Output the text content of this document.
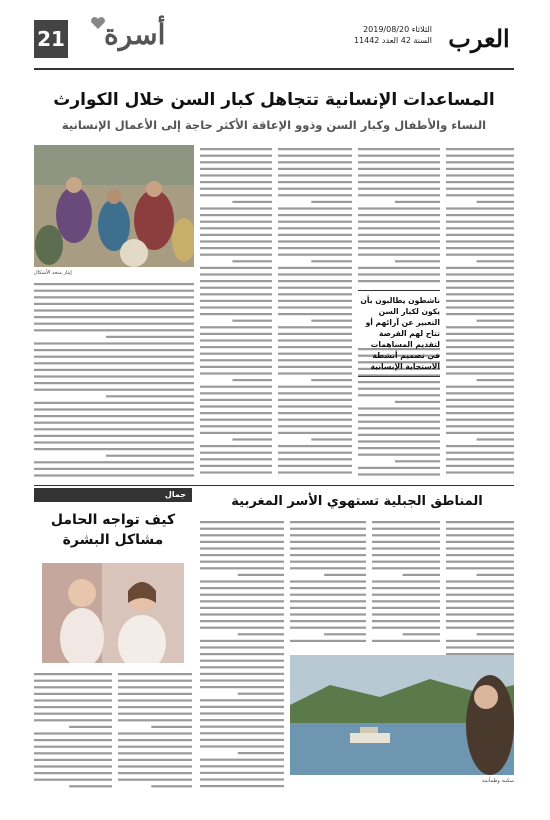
العرب
الثلاثاء 2019/08/20
السنة 42 العدد 11442
أسرة
21
المساعدات الإنسانية تتجاهل كبار السن خلال الكوارث
النساء والأطفال وكبار السن وذوو الإعاقة الأكثر حاجة إلى الأعمال الإنسانية
ناشطون يطالبون بأن يكون لكبار السن التعبير عن آرائهم أو تتاح لهم الفرصة لتقديم المساهمات في تصميم أنشطة الاستجابة الإنسانية
إيثار متحد الأشكال
المناطق الجبلية تستهوي الأسر المغربية
سكينة وطمأنينة
جمال
كيف تواجه الحامل مشاكل البشرة
